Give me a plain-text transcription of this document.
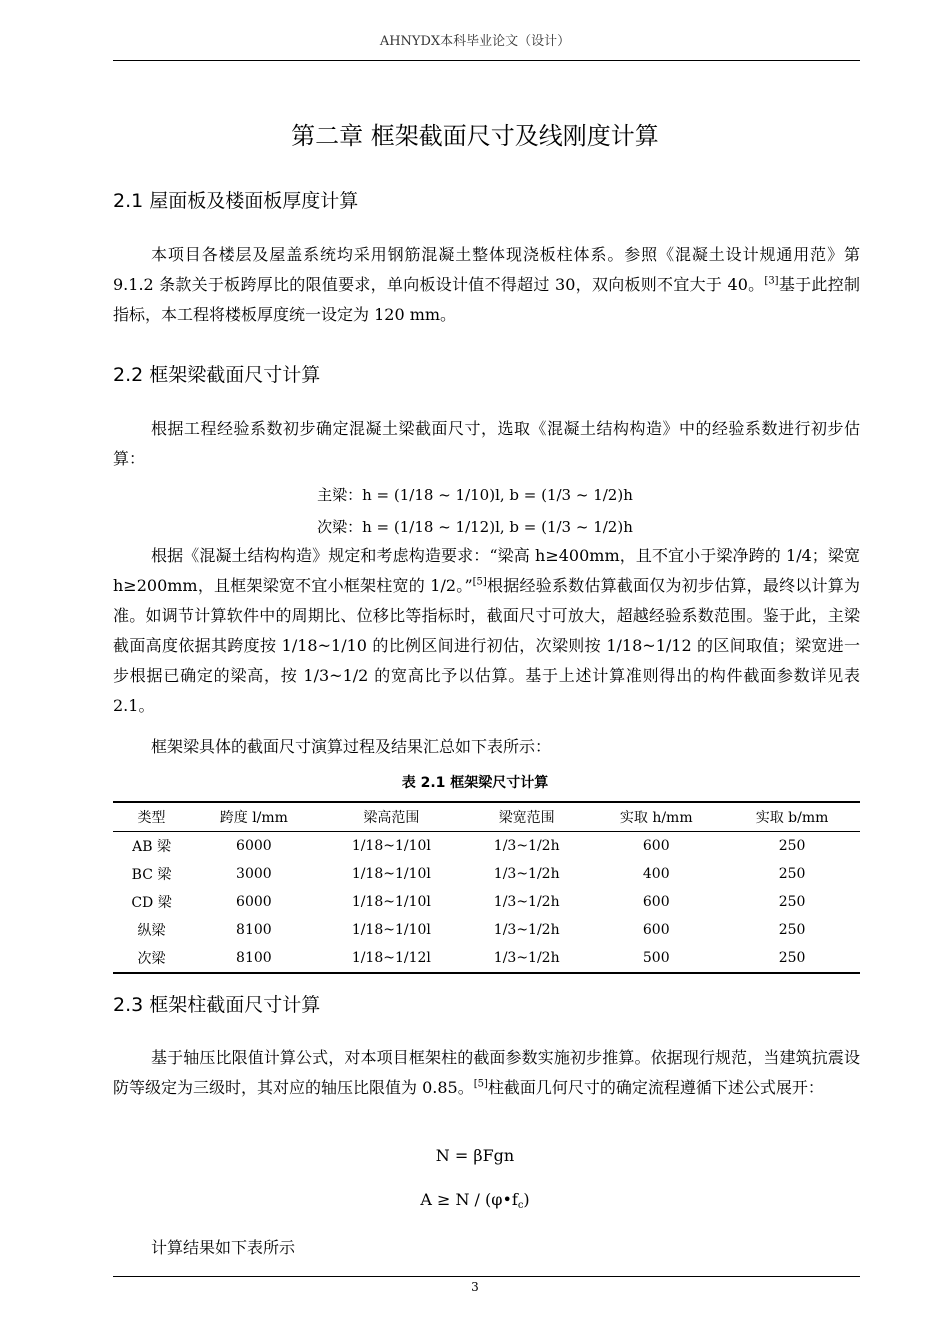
AHNYDX本科毕业论文（设计）
第二章 框架截面尺寸及线刚度计算
2.1 屋面板及楼面板厚度计算
本项目各楼层及屋盖系统均采用钢筋混凝土整体现浇板柱体系。参照《混凝土设计规通用范》第 9.1.2 条款关于板跨厚比的限值要求，单向板设计值不得超过 30，双向板则不宜大于 40。[3]基于此控制指标，本工程将楼板厚度统一设定为 120 mm。
2.2 框架梁截面尺寸计算
根据工程经验系数初步确定混凝土梁截面尺寸，选取《混凝土结构构造》中的经验系数进行初步估算：
主梁：h = (1/18 ~ 1/10)l, b = (1/3 ~ 1/2)h
次梁：h = (1/18 ~ 1/12)l, b = (1/3 ~ 1/2)h
根据《混凝土结构构造》规定和考虑构造要求：“梁高 h≥400mm，且不宜小于梁净跨的 1/4；梁宽 h≥200mm，且框架梁宽不宜小框架柱宽的 1/2。”[5]根据经验系数估算截面仅为初步估算，最终以计算为准。如调节计算软件中的周期比、位移比等指标时，截面尺寸可放大，超越经验系数范围。鉴于此，主梁截面高度依据其跨度按 1/18~1/10 的比例区间进行初估，次梁则按 1/18~1/12 的区间取值；梁宽进一步根据已确定的梁高，按 1/3~1/2 的宽高比予以估算。基于上述计算准则得出的构件截面参数详见表 2.1。
框架梁具体的截面尺寸演算过程及结果汇总如下表所示：
表 2.1 框架梁尺寸计算
类型	跨度 l/mm	梁高范围	梁宽范围	实取 h/mm	实取 b/mm
AB 梁	6000	1/18~1/10l	1/3~1/2h	600	250
BC 梁	3000	1/18~1/10l	1/3~1/2h	400	250
CD 梁	6000	1/18~1/10l	1/3~1/2h	600	250
纵梁	8100	1/18~1/10l	1/3~1/2h	600	250
次梁	8100	1/18~1/12l	1/3~1/2h	500	250
2.3 框架柱截面尺寸计算
基于轴压比限值计算公式，对本项目框架柱的截面参数实施初步推算。依据现行规范，当建筑抗震设防等级定为三级时，其对应的轴压比限值为 0.85。[5]柱截面几何尺寸的确定流程遵循下述公式展开：
N = βFgn
$A \ge N / (\varphi•f_c)$
计算结果如下表所示
3
